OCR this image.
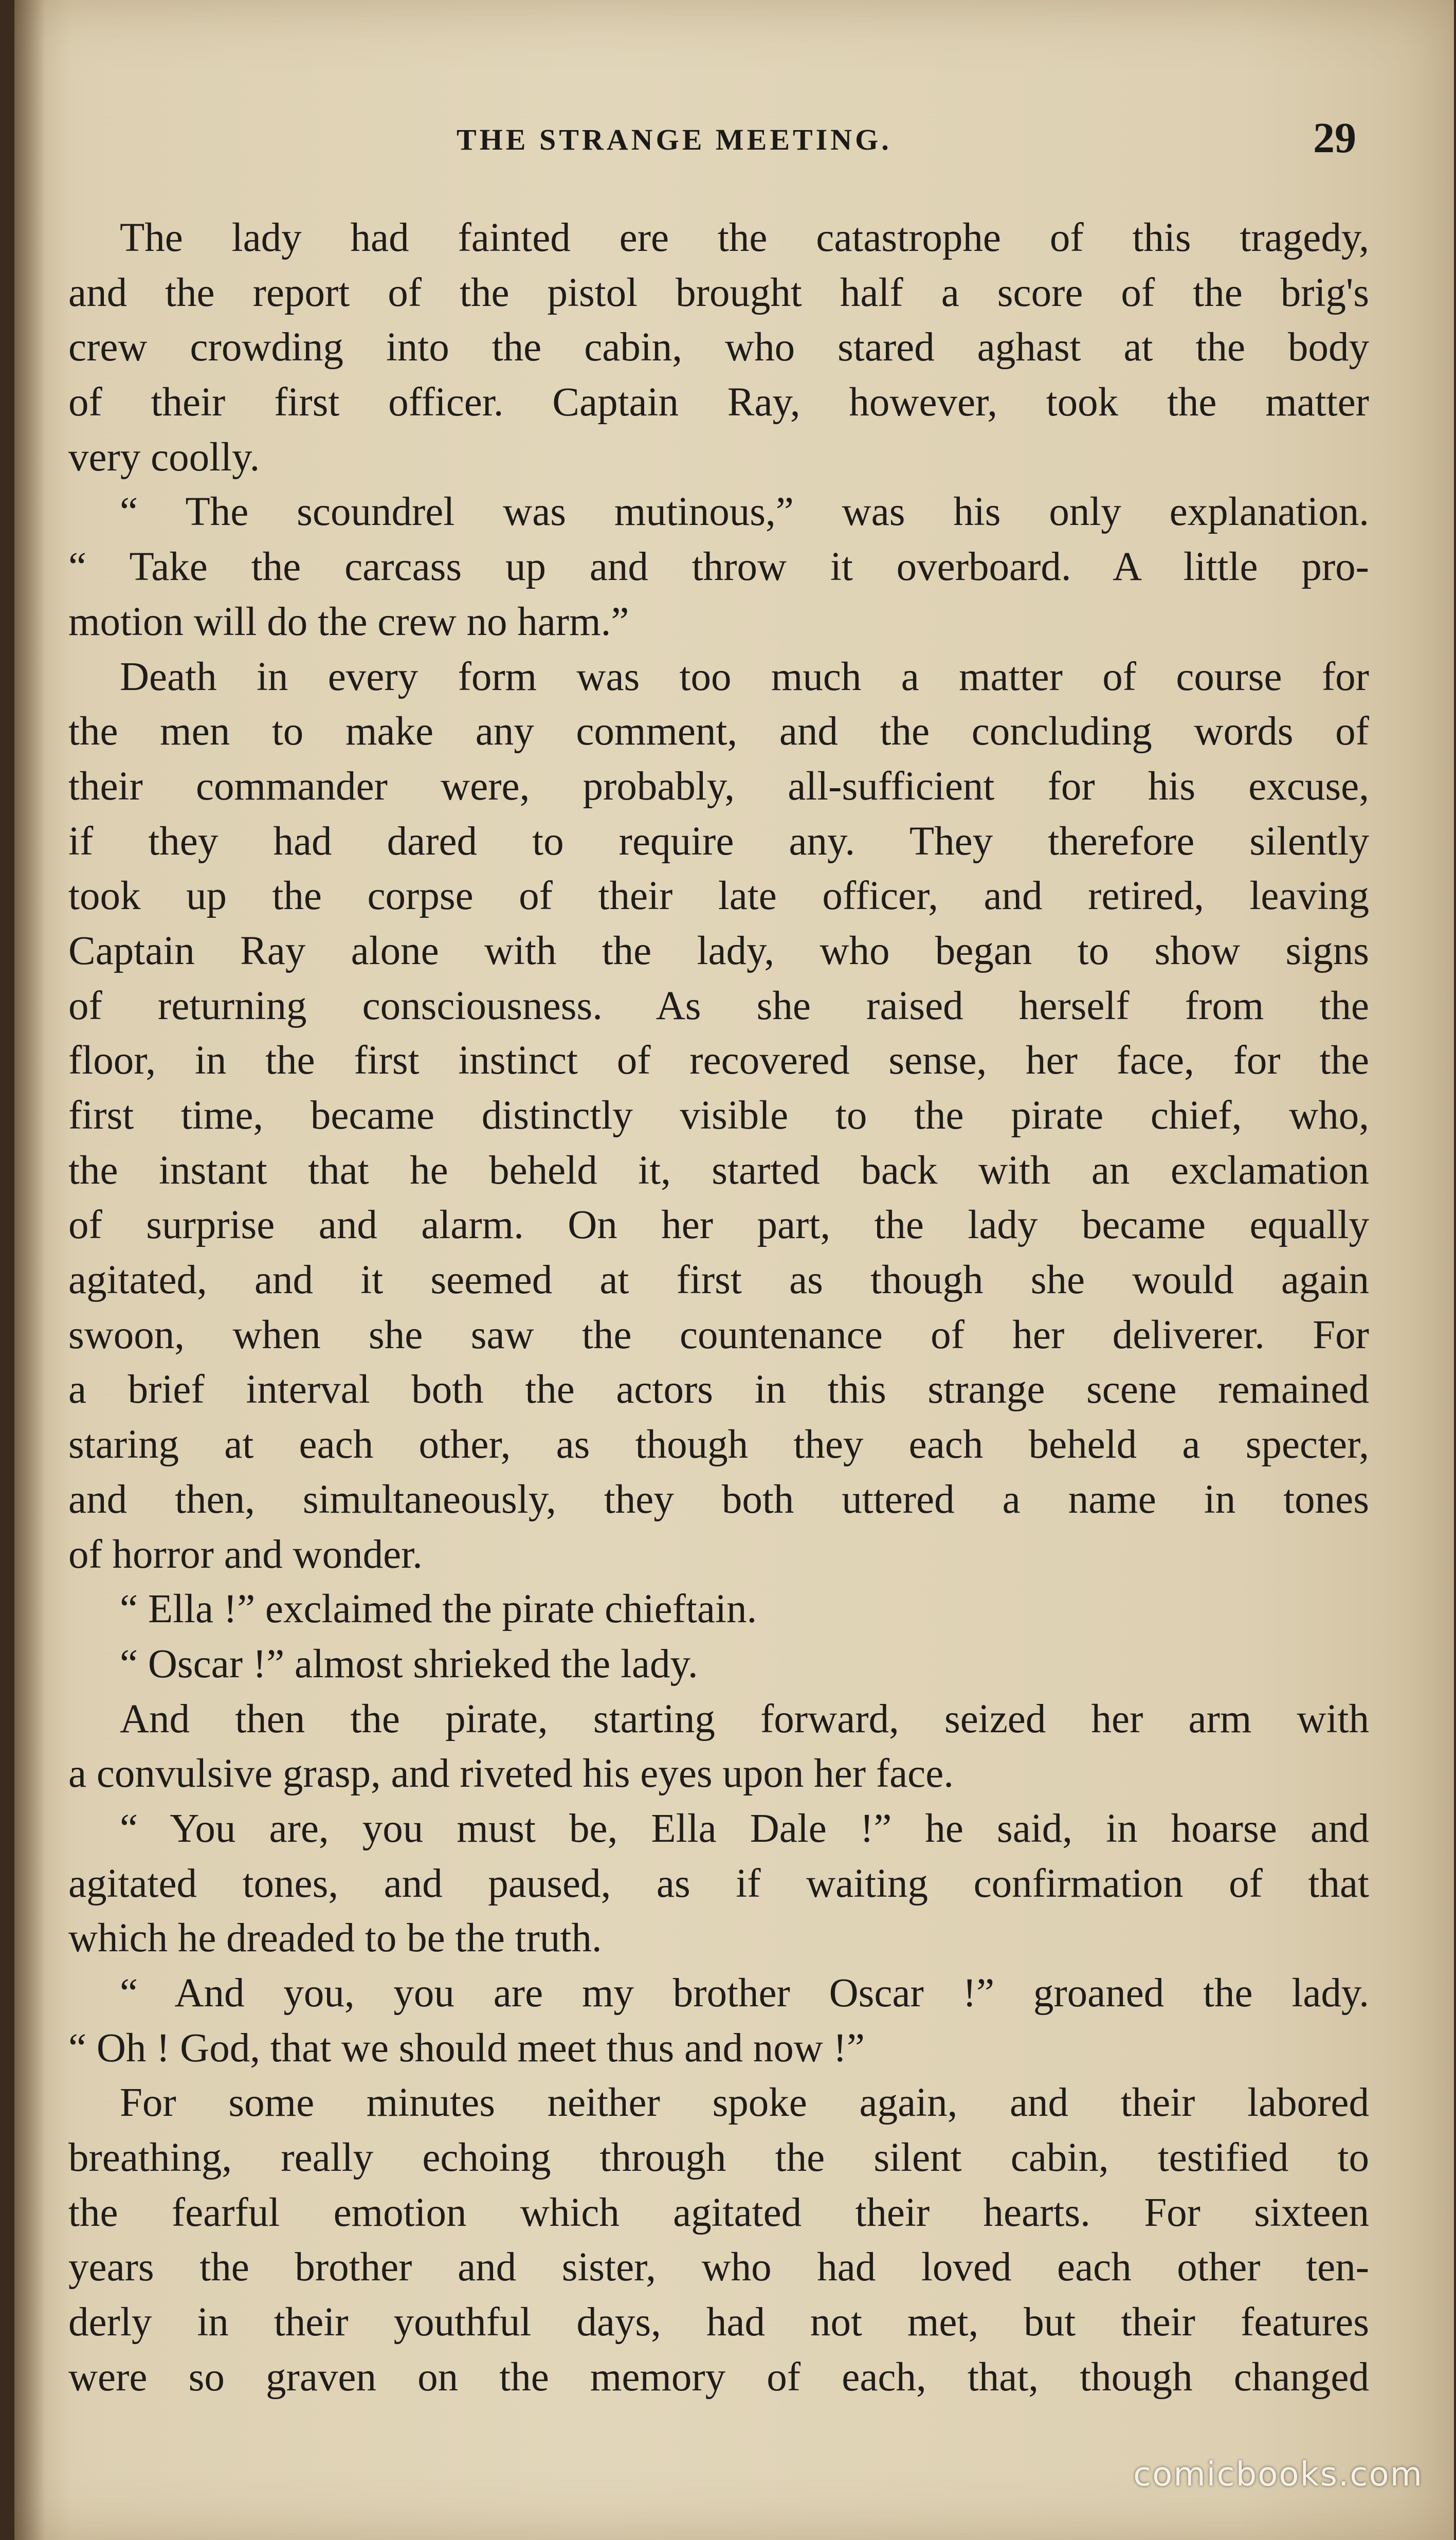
THE STRANGE MEETING.	29
The lady had fainted ere the catastrophe of this tragedy,
and the report of the pistol brought half a score of the brig's
crew crowding into the cabin, who stared aghast at the body
of their first officer. Captain Ray, however, took the matter
very coolly.
“ The scoundrel was mutinous,” was his only explanation.
“ Take the carcass up and throw it overboard. A little pro-
motion will do the crew no harm.”
Death in every form was too much a matter of course for
the men to make any comment, and the concluding words of
their commander were, probably, all-sufficient for his excuse,
if they had dared to require any. They therefore silently
took up the corpse of their late officer, and retired, leaving
Captain Ray alone with the lady, who began to show signs
of returning consciousness. As she raised herself from the
floor, in the first instinct of recovered sense, her face, for the
first time, became distinctly visible to the pirate chief, who,
the instant that he beheld it, started back with an exclamation
of surprise and alarm. On her part, the lady became equally
agitated, and it seemed at first as though she would again
swoon, when she saw the countenance of her deliverer. For
a brief interval both the actors in this strange scene remained
staring at each other, as though they each beheld a specter,
and then, simultaneously, they both uttered a name in tones
of horror and wonder.
“ Ella !” exclaimed the pirate chieftain.
“ Oscar !” almost shrieked the lady.
And then the pirate, starting forward, seized her arm with
a convulsive grasp, and riveted his eyes upon her face.
“ You are, you must be, Ella Dale !” he said, in hoarse and
agitated tones, and paused, as if waiting confirmation of that
which he dreaded to be the truth.
“ And you, you are my brother Oscar !” groaned the lady.
“ Oh ! God, that we should meet thus and now !”
For some minutes neither spoke again, and their labored
breathing, really echoing through the silent cabin, testified to
the fearful emotion which agitated their hearts. For sixteen
years the brother and sister, who had loved each other ten-
derly in their youthful days, had not met, but their features
were so graven on the memory of each, that, though changed
comicbooks.com
